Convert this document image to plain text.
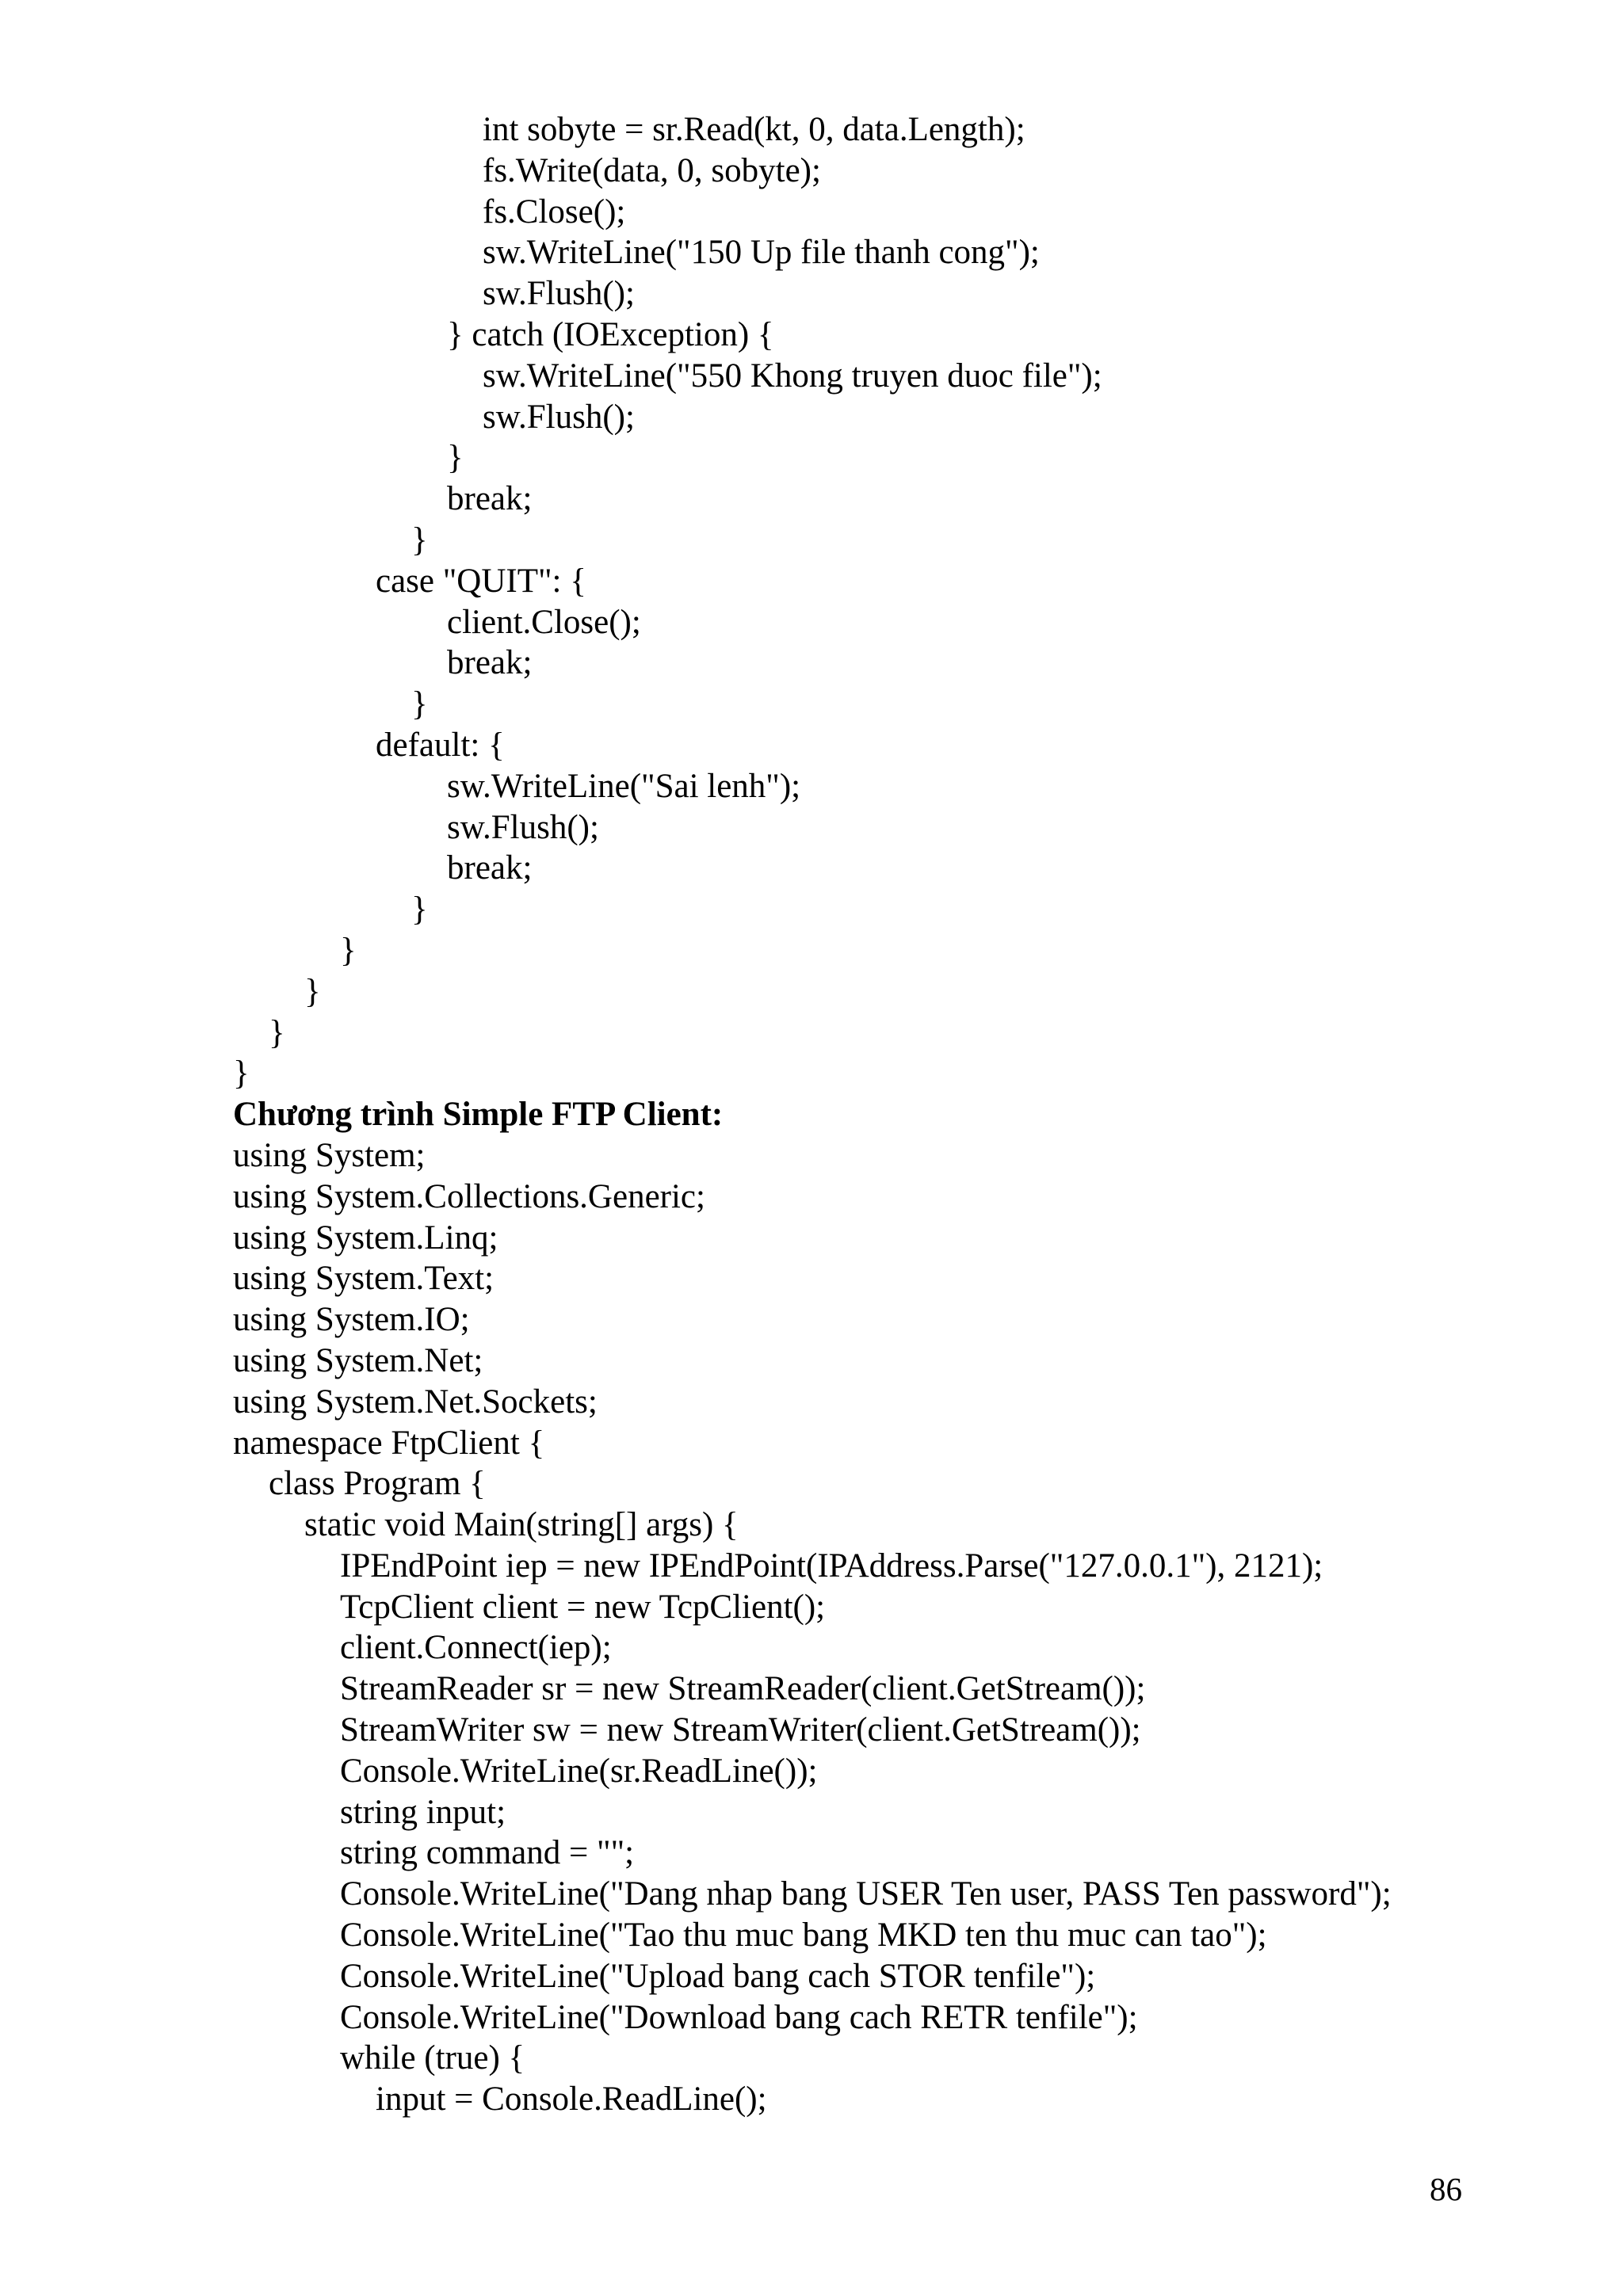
int sobyte = sr.Read(kt, 0, data.Length);
fs.Write(data, 0, sobyte);
fs.Close();
sw.WriteLine("150 Up file thanh cong");
sw.Flush();
} catch (IOException) {
sw.WriteLine("550 Khong truyen duoc file");
sw.Flush();
}
break;
}
case "QUIT": {
client.Close();
break;
}
default: {
sw.WriteLine("Sai lenh");
sw.Flush();
break;
}
}
}
}
}
Chương trình Simple FTP Client:
using System;
using System.Collections.Generic;
using System.Linq;
using System.Text;
using System.IO;
using System.Net;
using System.Net.Sockets;
namespace FtpClient {
class Program {
static void Main(string[] args) {
IPEndPoint iep = new IPEndPoint(IPAddress.Parse("127.0.0.1"), 2121);
TcpClient client = new TcpClient();
client.Connect(iep);
StreamReader sr = new StreamReader(client.GetStream());
StreamWriter sw = new StreamWriter(client.GetStream());
Console.WriteLine(sr.ReadLine());
string input;
string command = "";
Console.WriteLine("Dang nhap bang USER Ten user, PASS Ten password");
Console.WriteLine("Tao thu muc bang MKD ten thu muc can tao");
Console.WriteLine("Upload bang cach STOR tenfile");
Console.WriteLine("Download bang cach RETR tenfile");
while (true) {
input = Console.ReadLine();
86
